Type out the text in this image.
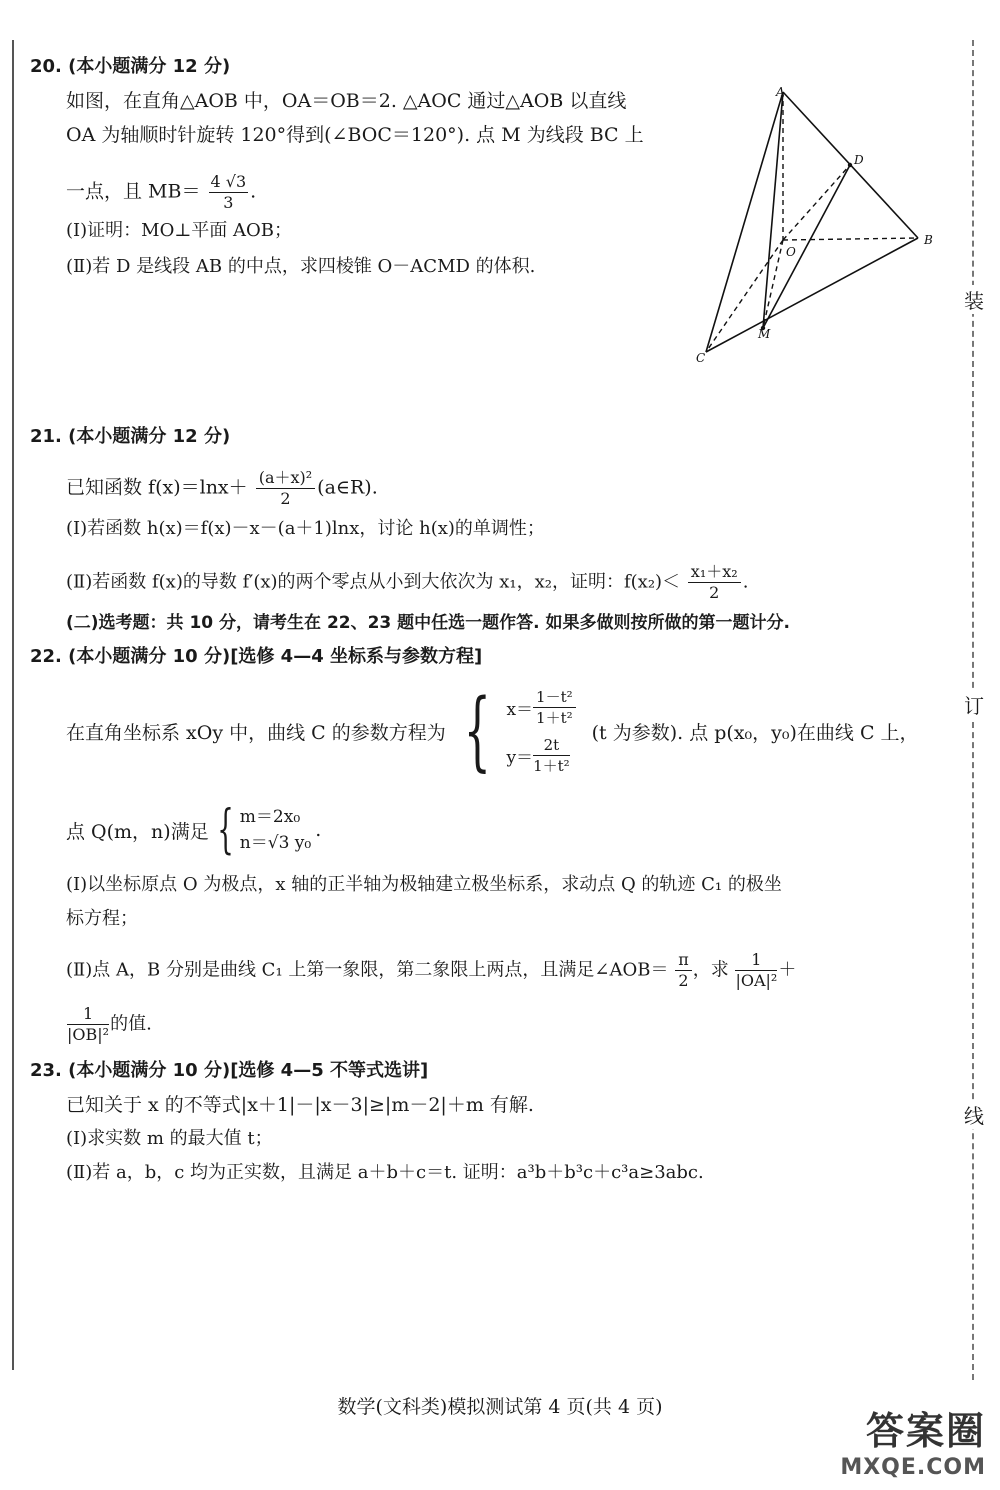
装
订
线
20. (本小题满分 12 分)
如图，在直角△AOB 中，OA＝OB＝2. △AOC 通过△AOB 以直线
OA 为轴顺时针旋转 120°得到(∠BOC＝120°). 点 M 为线段 BC 上
一点，且 $MB= \frac{4 √3}{3}$ .
(Ⅰ)证明：MO⊥平面 AOB；
(Ⅱ)若 D 是线段 AB 的中点，求四棱锥 O－ACMD 的体积.
A
B
C
D
O
M
21. (本小题满分 12 分)
已知函数 $f(x)=\ln x+ \frac{\text{(a＋x)²}}{2}$ (a∈R).
(Ⅰ)若函数 h(x)＝f(x)－x－(a＋1)lnx，讨论 h(x)的单调性；
(Ⅱ)若函数 f(x)的导数 f′(x)的两个零点从小到大依次为 x₁，x₂，证明：$f(x_2)< \frac{\text{x₁＋x₂}}{2}$ .
(二)选考题：共 10 分，请考生在 22、23 题中任选一题作答. 如果多做则按所做的第一题计分.
22. (本小题满分 10 分)[选修 4—4 坐标系与参数方程]
在直角坐标系 xOy 中，曲线 C 的参数方程为 { x＝
1－t²
1＋t²
y＝
2t
1＋t²
(t 为参数). 点 p(x₀，y₀)在曲线 C 上，
点 Q(m，n)满足 { m＝2x₀
n＝√3 y₀
.
(Ⅰ)以坐标原点 O 为极点，x 轴的正半轴为极轴建立极坐标系，求动点 Q 的轨迹 C₁ 的极坐
标方程；
(Ⅱ)点 A，B 分别是曲线 C₁ 上第一象限，第二象限上两点，且满足∠AOB＝ $\frac{\pi}{2}$ ，求 $\frac{1}{\text{|OA|²}}$ ＋
$\frac{1}{\text{|OB|²}}$ 的值.
23. (本小题满分 10 分)[选修 4—5 不等式选讲]
已知关于 x 的不等式|x＋1|－|x－3|≥|m－2|＋m 有解.
(Ⅰ)求实数 m 的最大值 t；
(Ⅱ)若 a，b，c 均为正实数，且满足 a＋b＋c＝t. 证明：a³b＋b³c＋c³a≥3abc.
数学(文科类)模拟测试第 4 页(共 4 页)
答案圈
MXQE.COM
